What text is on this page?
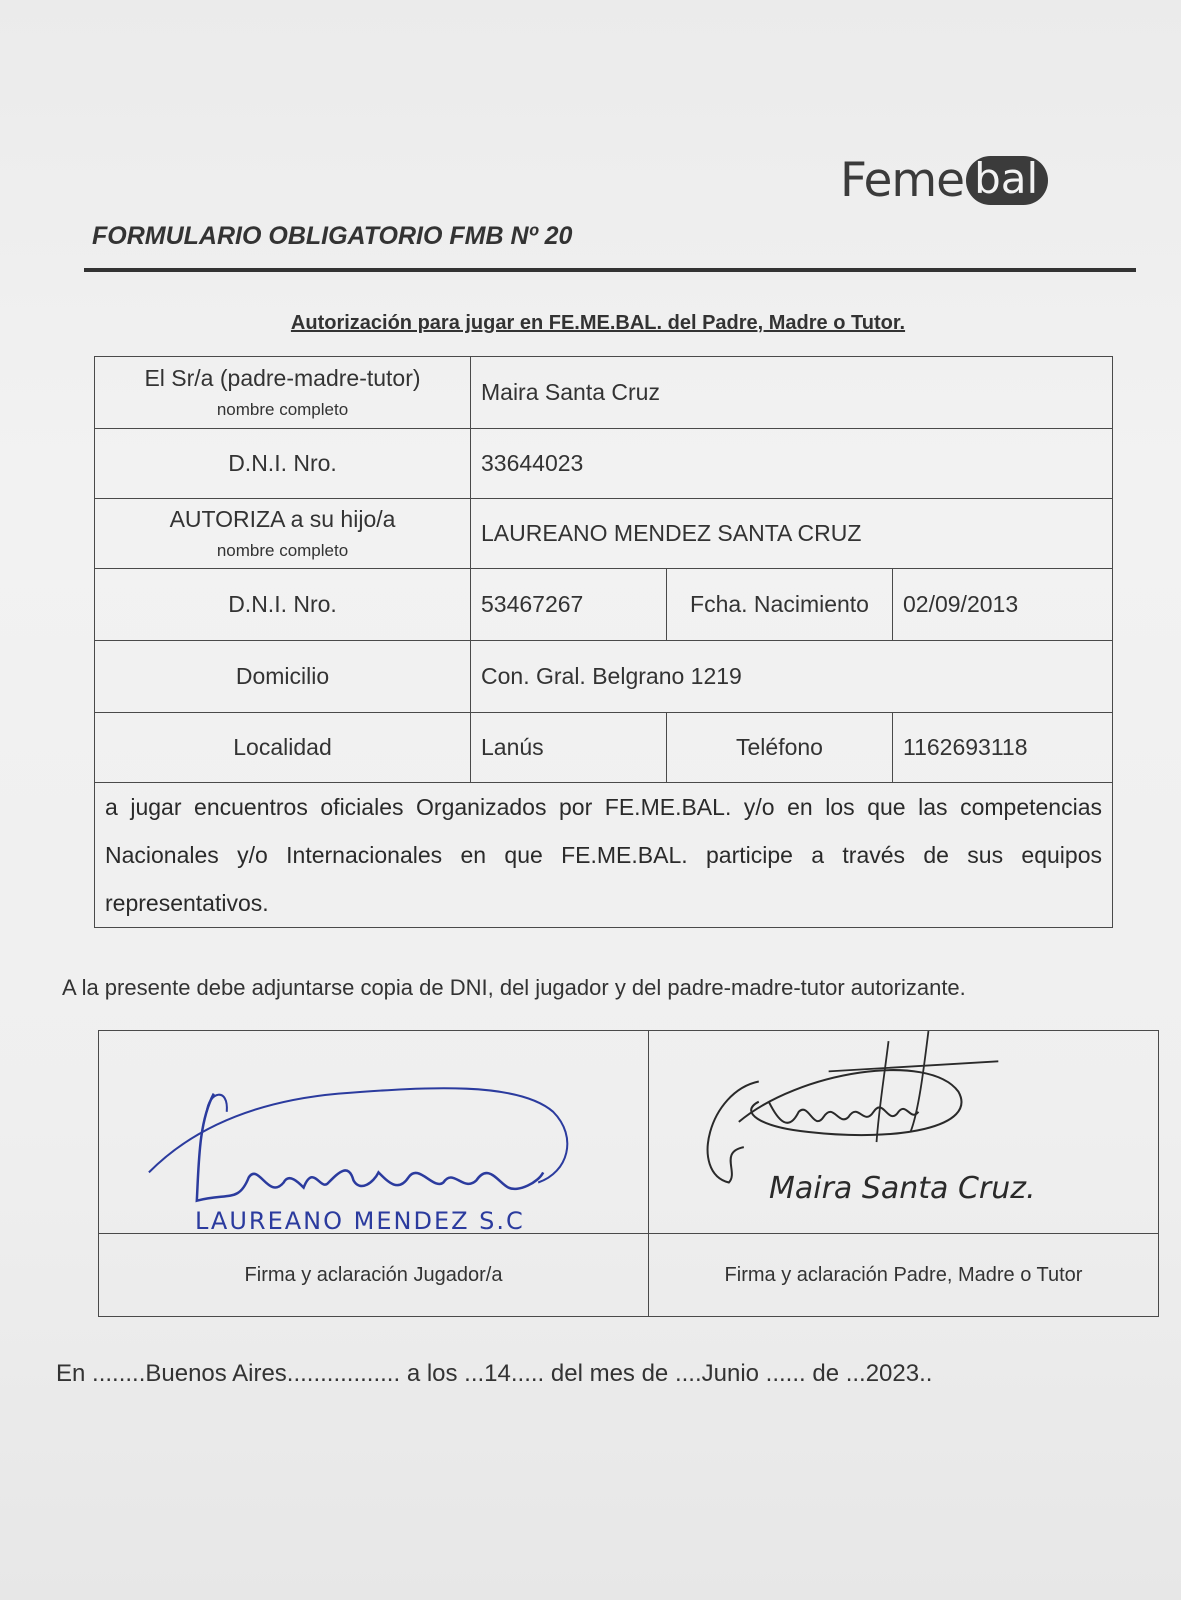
Feme bal
FORMULARIO OBLIGATORIO FMB Nº 20
Autorización para jugar en FE.ME.BAL. del Padre, Madre o Tutor.
El Sr/a (padre-madre-tutor)
nombre completo	Maira Santa Cruz		
D.N.I. Nro.	33644023		
AUTORIZA a su hijo/a
nombre completo	LAUREANO MENDEZ SANTA CRUZ		
D.N.I. Nro.	53467267	Fcha. Nacimiento	02/09/2013
Domicilio	Con. Gral. Belgrano 1219		
Localidad	Lanús	Teléfono	1162693118
a jugar encuentros oficiales Organizados por FE.ME.BAL. y/o en los que las competencias Nacionales y/o Internacionales en que FE.ME.BAL. participe a través de sus equipos representativos.			
A la presente debe adjuntarse copia de DNI, del jugador y del padre-madre-tutor autorizante.
LAUREANO MENDEZ S.C	Maira Santa Cruz.

Firma y aclaración Jugador/a	Firma y aclaración Padre, Madre o Tutor
En ........Buenos Aires................. a los ...14..... del mes de ....Junio ...... de ...2023..
